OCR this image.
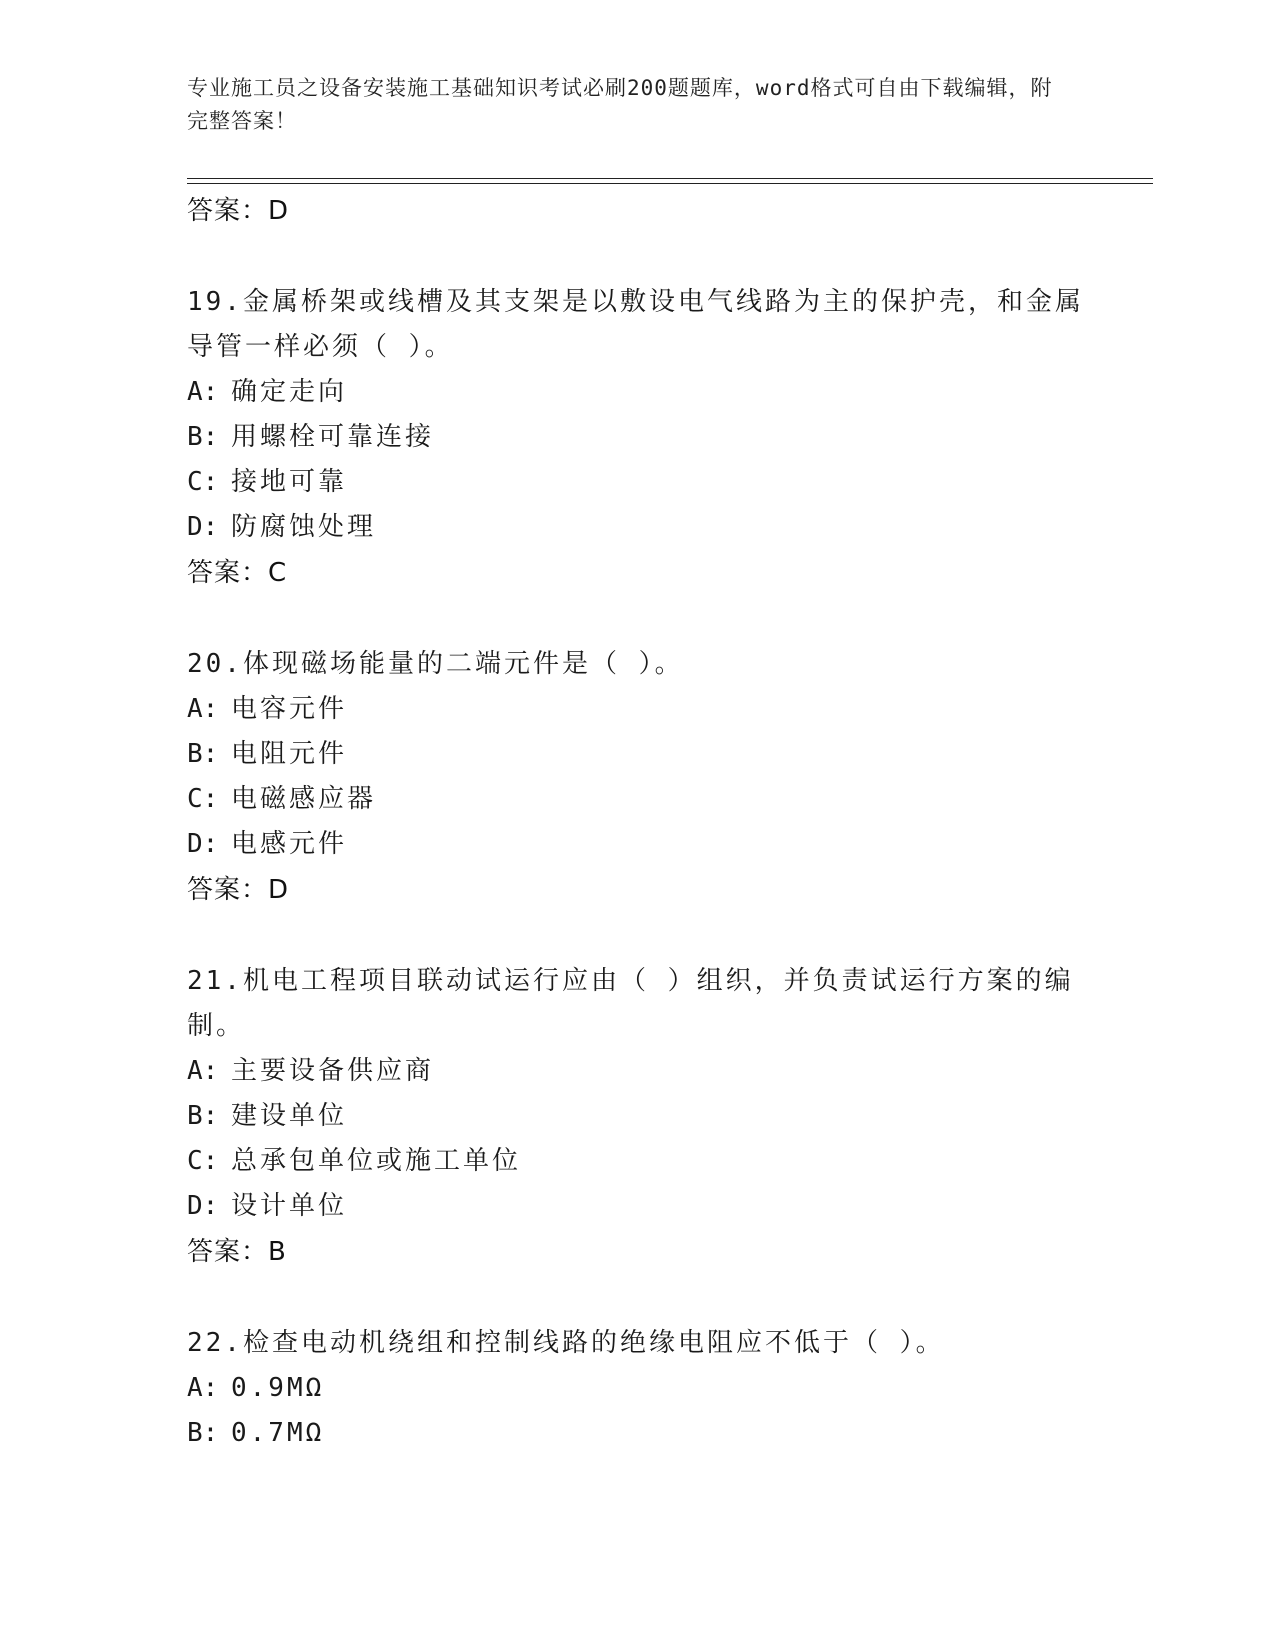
专业施工员之设备安装施工基础知识考试必刷200题题库，word格式可自由下载编辑，附完整答案！
答案：D
19.金属桥架或线槽及其支架是以敷设电气线路为主的保护壳，和金属导管一样必须（ ）。
A: 确定走向
B: 用螺栓可靠连接
C: 接地可靠
D: 防腐蚀处理
答案：C
20.体现磁场能量的二端元件是（ ）。
A: 电容元件
B: 电阻元件
C: 电磁感应器
D: 电感元件
答案：D
21.机电工程项目联动试运行应由（ ）组织，并负责试运行方案的编制。
A: 主要设备供应商
B: 建设单位
C: 总承包单位或施工单位
D: 设计单位
答案：B
22.检查电动机绕组和控制线路的绝缘电阻应不低于（ ）。
A: 0.9MΩ
B: 0.7MΩ
